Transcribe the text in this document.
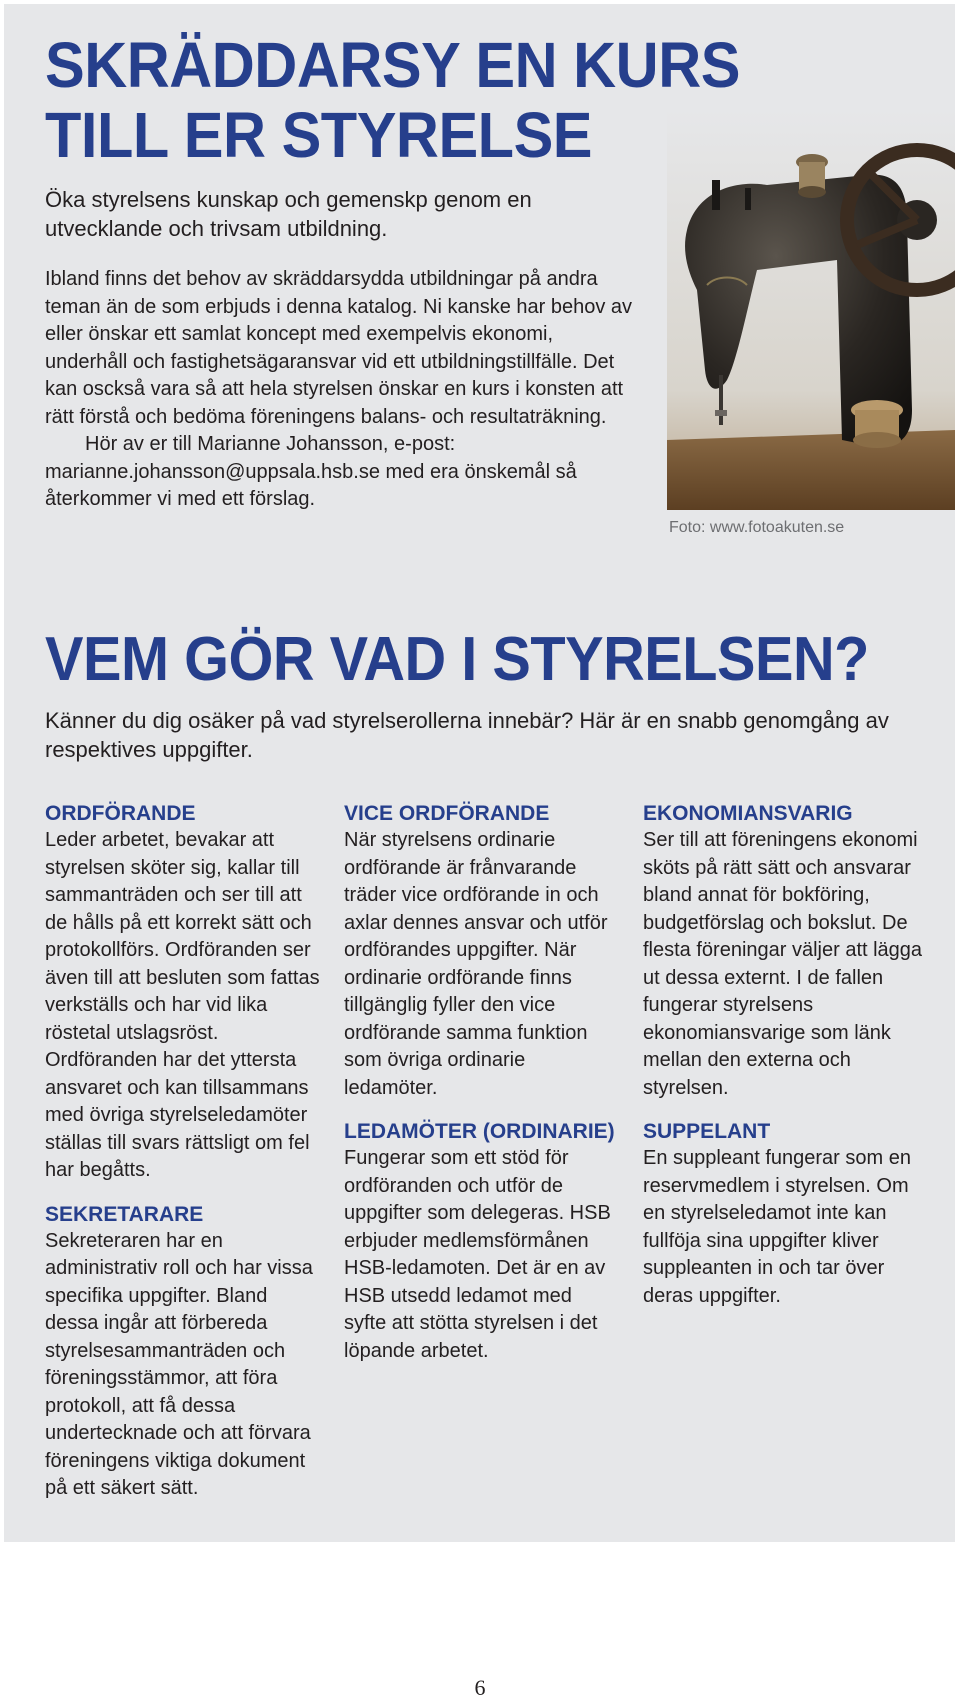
SKRÄDDARSY EN KURS TILL ER STYRELSE
Öka styrelsens kunskap och gemenskp genom en utvecklande och trivsam utbildning.

Ibland finns det behov av skräddarsydda utbildningar på andra teman än de som erbjuds i denna katalog. Ni kanske har behov av eller önskar ett samlat koncept med exempelvis ekonomi, underhåll och fastighetsägaransvar vid ett utbildningstillfälle. Det kan osckså vara så att hela styrelsen önskar en kurs i konsten att rätt förstå och bedöma föreningens balans- och resultaträkning.

Hör av er till Marianne Johansson, e-post: marianne.johansson@uppsala.hsb.se med era önskemål så återkommer vi med ett förslag.

Foto: www.fotoakuten.se
VEM GÖR VAD I STYRELSEN?
Känner du dig osäker på vad styrelserollerna innebär? Här är en snabb genomgång av respektives uppgifter.
ORDFÖRANDE

Leder arbetet, bevakar att styrelsen sköter sig, kallar till sammanträden och ser till att de hålls på ett korrekt sätt och protokollförs. Ordföranden ser även till att besluten som fattas verkställs och har vid lika röstetal utslagsröst. Ordföranden har det yttersta ansvaret och kan tillsammans med övriga styrelseledamöter ställas till svars rättsligt om fel har begåtts.

SEKRETARARE

Sekreteraren har en administrativ roll och har vissa specifika uppgifter. Bland dessa ingår att förbereda styrelsesammanträden och föreningsstämmor, att föra protokoll, att få dessa undertecknade och att förvara föreningens viktiga dokument på ett säkert sätt.

VICE ORDFÖRANDE

När styrelsens ordinarie ordförande är frånvarande träder vice ordförande in och axlar dennes ansvar och utför ordförandes uppgifter. När ordinarie ordförande finns tillgänglig fyller den vice ordförande samma funktion som övriga ordinarie ledamöter.

LEDAMÖTER (ORDINARIE)

Fungerar som ett stöd för ordföranden och utför de uppgifter som delegeras. HSB erbjuder medlemsförmånen HSB-ledamoten. Det är en av HSB utsedd ledamot med syfte att stötta styrelsen i det löpande arbetet.

EKONOMIANSVARIG

Ser till att föreningens ekonomi sköts på rätt sätt och ansvarar bland annat för bokföring, budgetförslag och bokslut. De flesta föreningar väljer att lägga ut dessa externt. I de fallen fungerar styrelsens ekonomiansvarige som länk mellan den externa och styrelsen.

SUPPELANT

En suppleant fungerar som en reservmedlem i styrelsen. Om en styrelseledamot inte kan fullföja sina uppgifter kliver suppleanten in och tar över deras uppgifter.

6
